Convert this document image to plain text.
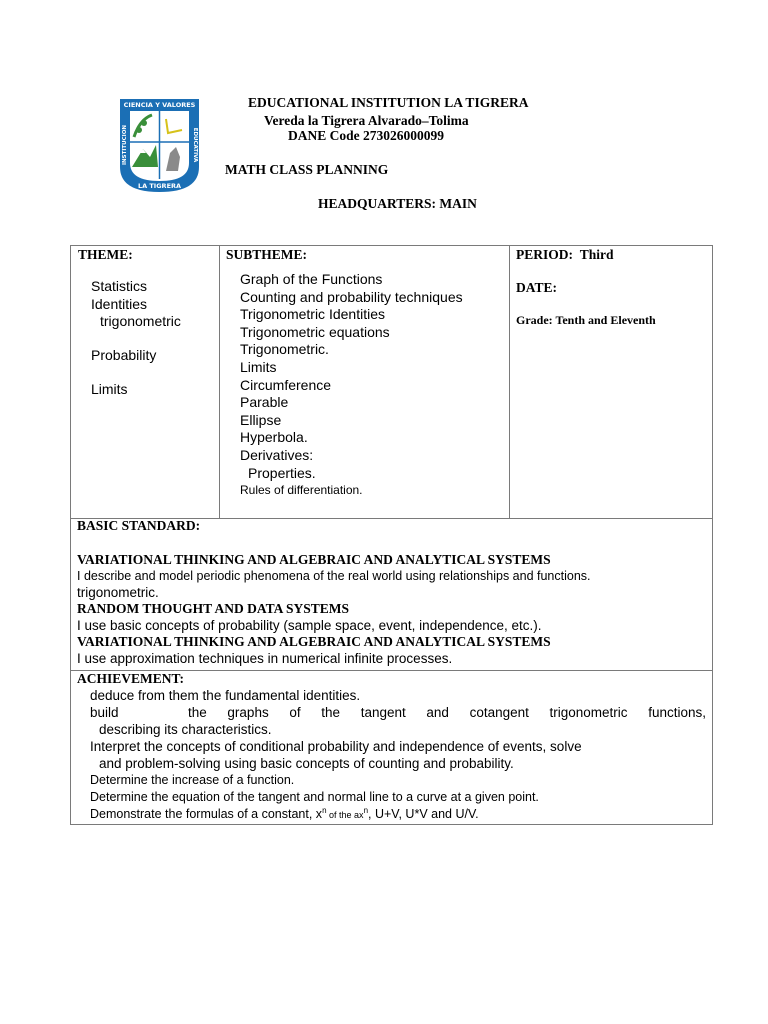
CIENCIA Y VALORES
LA TIGRERA
INSTITUCION	EDUCATIVA
EDUCATIONAL INSTITUTION LA TIGRERA
Vereda la Tigrera Alvarado–Tolima
DANE Code 273026000099
MATH CLASS PLANNING
HEADQUARTERS: MAIN
THEME:
Statistics
Identities
trigonometric
Probability
Limits

SUBTHEME:
Graph of the Functions
Counting and probability techniques
Trigonometric Identities
Trigonometric equations
Trigonometric.
Limits
Circumference
Parable
Ellipse
Hyperbola.
Derivatives:
Properties.
Rules of differentiation.

PERIOD: Third
DATE:
Grade: Tenth and Eleventh

BASIC STANDARD:
VARIATIONAL THINKING AND ALGEBRAIC AND ANALYTICAL SYSTEMS
I describe and model periodic phenomena of the real world using relationships and functions.
trigonometric.
RANDOM THOUGHT AND DATA SYSTEMS
I use basic concepts of probability (sample space, event, independence, etc.).
VARIATIONAL THINKING AND ALGEBRAIC AND ANALYTICAL SYSTEMS
I use approximation techniques in numerical infinite processes.

ACHIEVEMENT:
deduce from them the fundamental identities.
build	the graphs of the tangent and cotangent trigonometric functions,
describing its characteristics.
Interpret the concepts of conditional probability and independence of events, solve
and problem-solving using basic concepts of counting and probability.
Determine the increase of a function.
Determine the equation of the tangent and normal line to a curve at a given point.
Demonstrate the formulas of a constant, $x^n$ of the $ax^n$, U+V, U*V and U/V.
